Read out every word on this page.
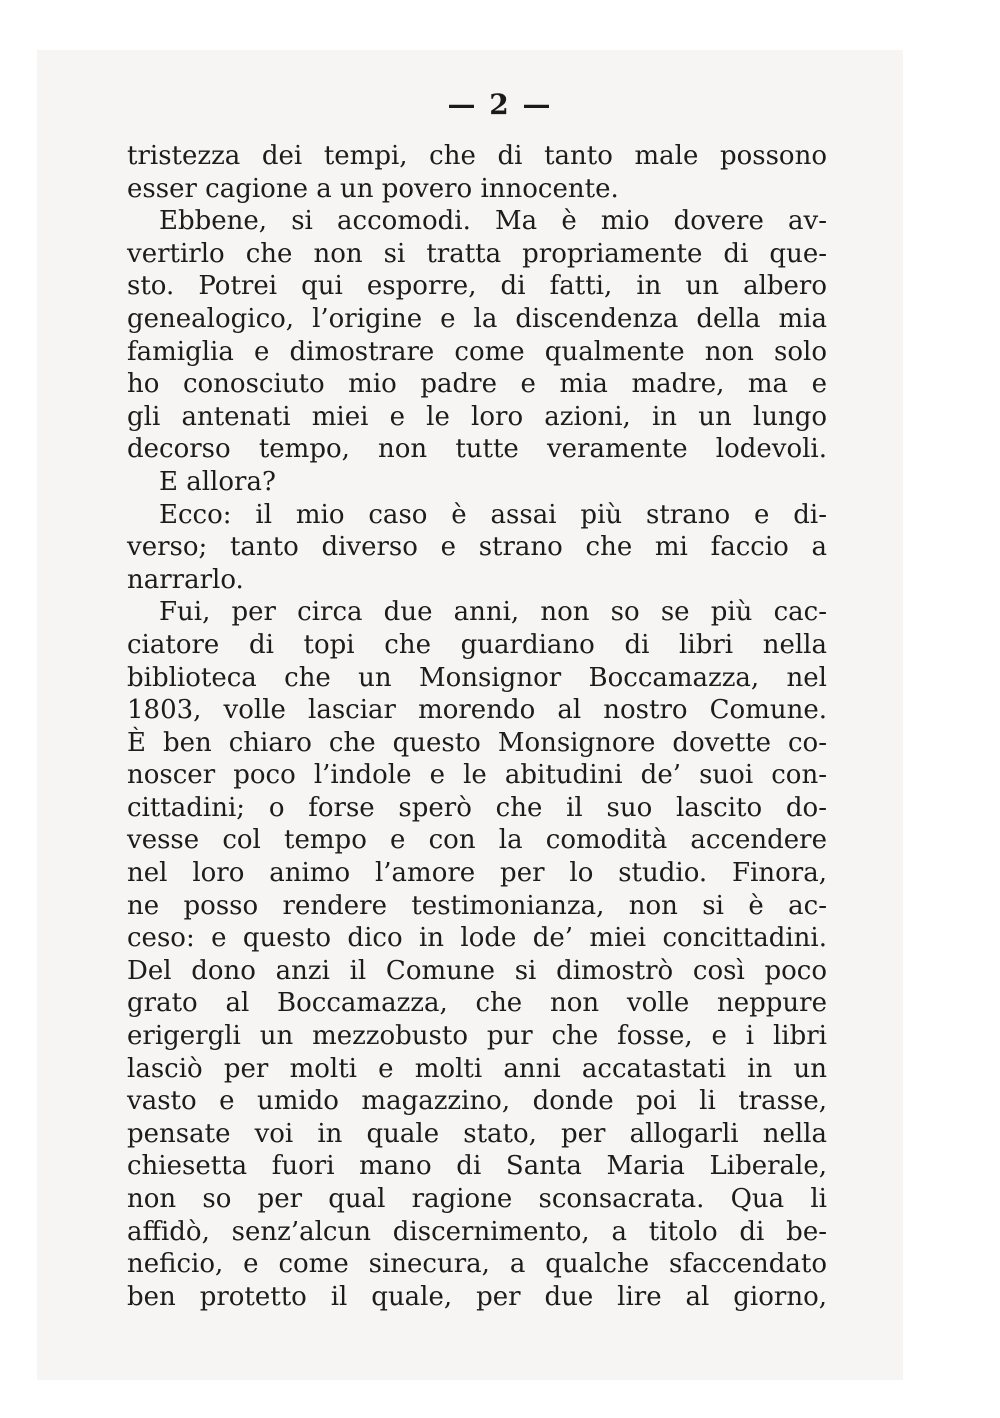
— 2 —
tristezza dei tempi, che di tanto male possono
esser cagione a un povero innocente.
Ebbene, si accomodi. Ma è mio dovere av-
vertirlo che non si tratta propriamente di que-
sto. Potrei qui esporre, di fatti, in un albero
genealogico, l’origine e la discendenza della mia
famiglia e dimostrare come qualmente non solo
ho conosciuto mio padre e mia madre, ma e
gli antenati miei e le loro azioni, in un lungo
decorso tempo, non tutte veramente lodevoli.
E allora?
Ecco: il mio caso è assai più strano e di-
verso; tanto diverso e strano che mi faccio a
narrarlo.
Fui, per circa due anni, non so se più cac-
ciatore di topi che guardiano di libri nella
biblioteca che un Monsignor Boccamazza, nel
1803, volle lasciar morendo al nostro Comune.
È ben chiaro che questo Monsignore dovette co-
noscer poco l’indole e le abitudini de’ suoi con-
cittadini; o forse sperò che il suo lascito do-
vesse col tempo e con la comodità accendere
nel loro animo l’amore per lo studio. Finora,
ne posso rendere testimonianza, non si è ac-
ceso: e questo dico in lode de’ miei concittadini.
Del dono anzi il Comune si dimostrò così poco
grato al Boccamazza, che non volle neppure
erigergli un mezzobusto pur che fosse, e i libri
lasciò per molti e molti anni accatastati in un
vasto e umido magazzino, donde poi li trasse,
pensate voi in quale stato, per allogarli nella
chiesetta fuori mano di Santa Maria Liberale,
non so per qual ragione sconsacrata. Qua li
affidò, senz’alcun discernimento, a titolo di be-
neficio, e come sinecura, a qualche sfaccendato
ben protetto il quale, per due lire al giorno,
